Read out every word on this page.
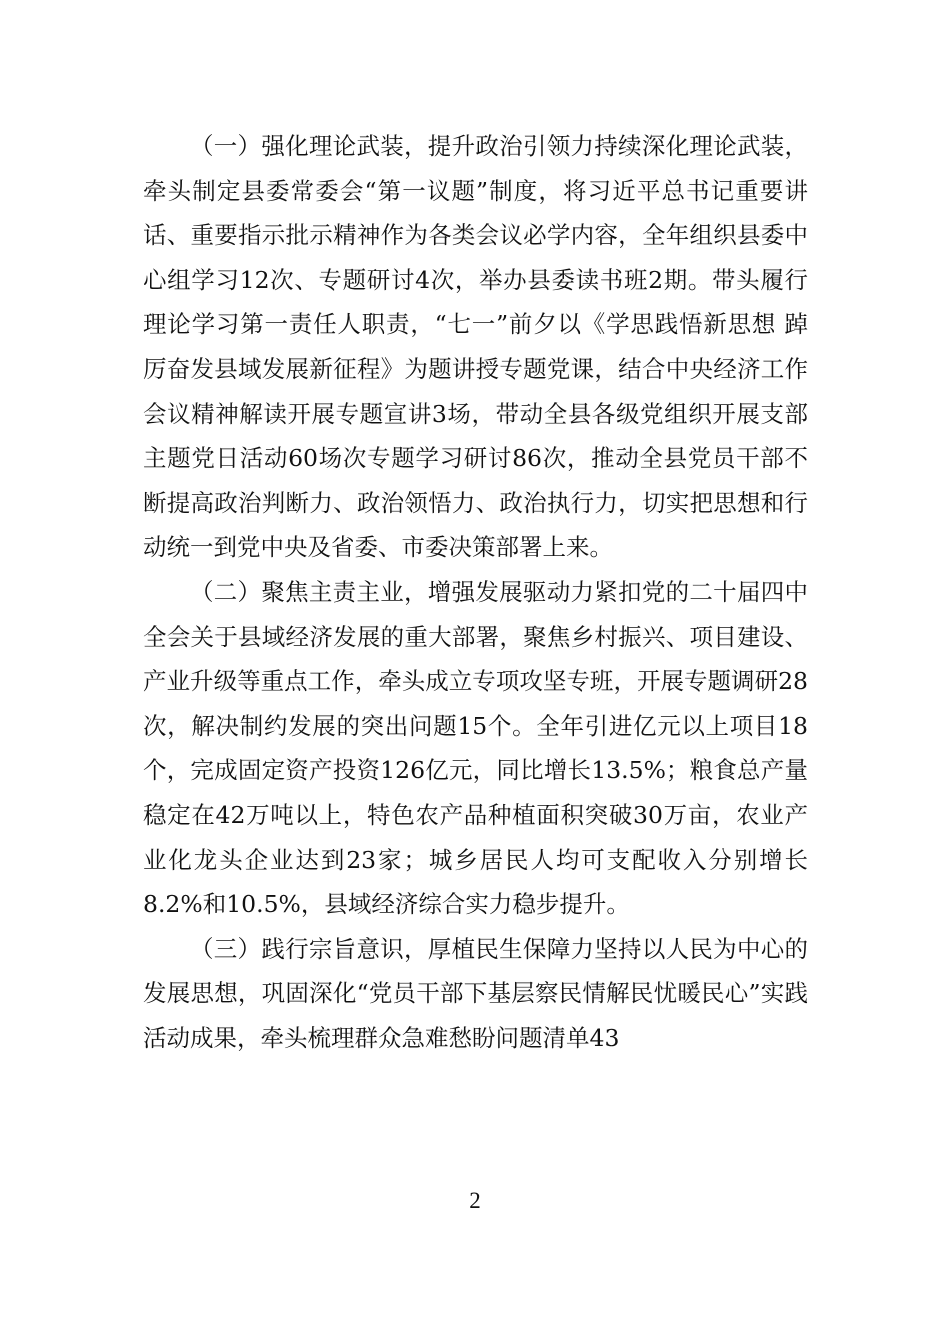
（一）强化理论武装，提升政治引领力持续深化理论武装，牵头制定县委常委会“第一议题”制度，将习近平总书记重要讲话、重要指示批示精神作为各类会议必学内容，全年组织县委中心组学习12次、专题研讨4次，举办县委读书班2期。带头履行理论学习第一责任人职责，“七一”前夕以《学思践悟新思想 踔厉奋发县域发展新征程》为题讲授专题党课，结合中央经济工作会议精神解读开展专题宣讲3场，带动全县各级党组织开展支部主题党日活动60场次专题学习研讨86次，推动全县党员干部不断提高政治判断力、政治领悟力、政治执行力，切实把思想和行动统一到党中央及省委、市委决策部署上来。

（二）聚焦主责主业，增强发展驱动力紧扣党的二十届四中全会关于县域经济发展的重大部署，聚焦乡村振兴、项目建设、产业升级等重点工作，牵头成立专项攻坚专班，开展专题调研28次，解决制约发展的突出问题15个。全年引进亿元以上项目18个，完成固定资产投资126亿元，同比增长13.5%；粮食总产量稳定在42万吨以上，特色农产品种植面积突破30万亩，农业产业化龙头企业达到23家；城乡居民人均可支配收入分别增长8.2%和10.5%，县域经济综合实力稳步提升。

（三）践行宗旨意识，厚植民生保障力坚持以人民为中心的发展思想，巩固深化“党员干部下基层察民情解民忧暖民心”实践活动成果，牵头梳理群众急难愁盼问题清单43

2
